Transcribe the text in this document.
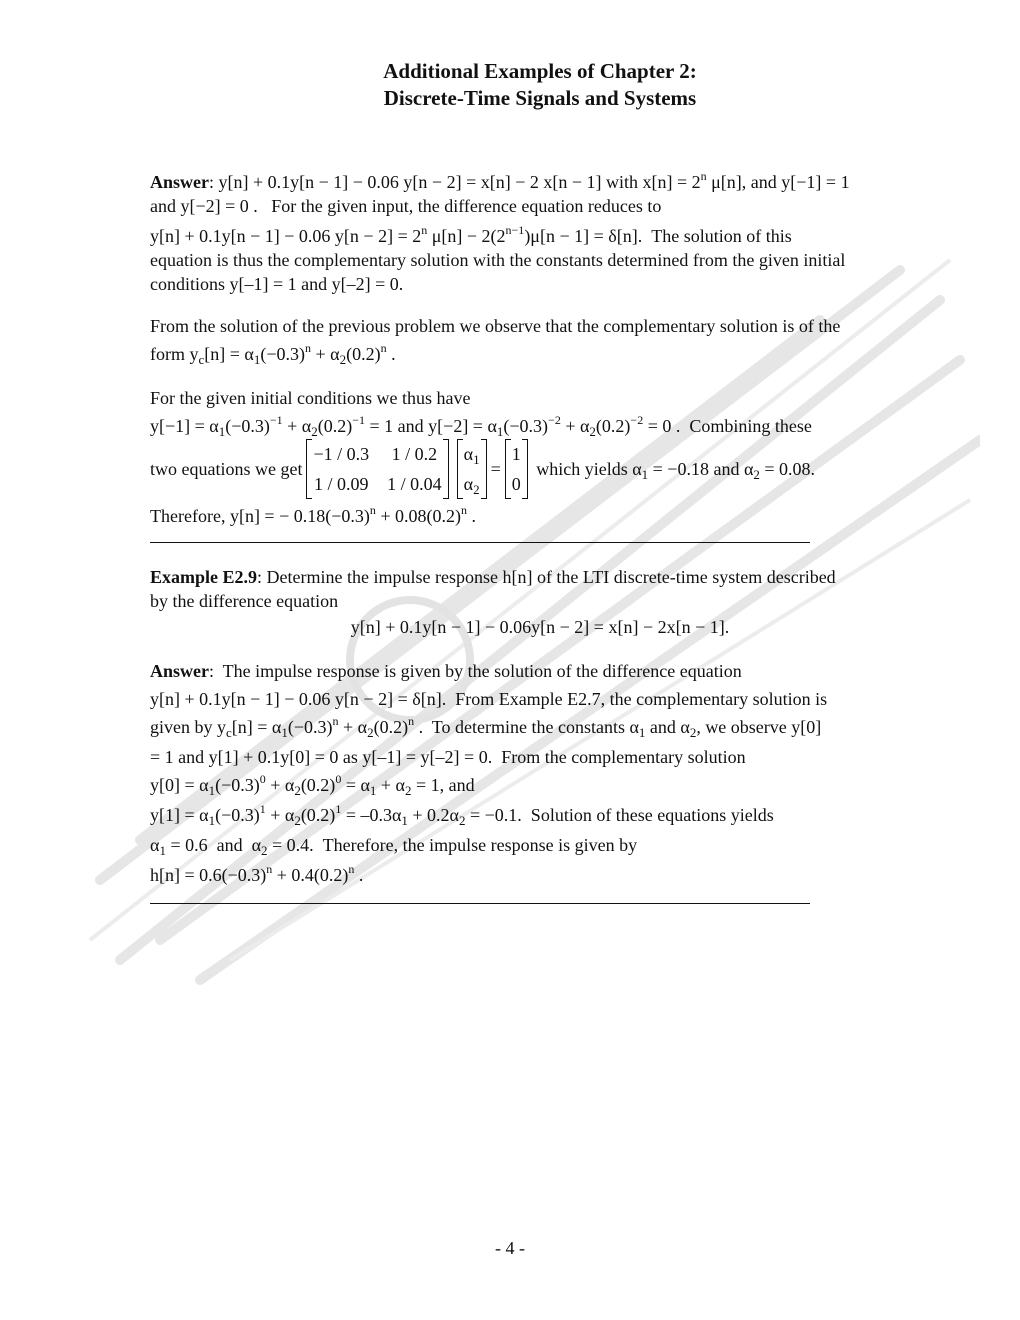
Additional Examples of Chapter 2:
Discrete-Time Signals and Systems
Answer: y[n] + 0.1y[n − 1] − 0.06 y[n − 2] = x[n] − 2 x[n − 1] with $x[n] = 2^n$ μ[n], and y[−1] = 1
and y[−2] = 0 .   For the given input, the difference equation reduces to
y[n] + 0.1y[n − 1] − 0.06 $y[n - 2] = 2^n$ $\mu[n] - 2(2^{n-1})\mu[n - 1] = \delta[n]$.  The solution of this
equation is thus the complementary solution with the constants determined from the given initial
conditions y[–1] = 1 and y[–2] = 0.
From the solution of the previous problem we observe that the complementary solution is of the
form $y_c[n] = \alpha_1(-0.3)^n + \alpha_2(0.2)^n$ .
For the given initial conditions we thus have
$y[-1] = \alpha_1(-0.3)^{-1} + \alpha_2(0.2)^{-1} = 1$ and $y[-2] = \alpha_1(-0.3)^{-2} + \alpha_2(0.2)^{-2} = 0$ .  Combining these
two equations we get
−1 / 0.3 1 / 0.2
1 / 0.09 1 / 0.04
$\alpha_1$
$\alpha_2$
=
1
0
which yields $\alpha_1 = -0.18$ and $\alpha_2 = 0.08$.
Therefore, y[n] = − $0.18(-0.3)^n + 0.08(0.2)^n$ .
Example E2.9: Determine the impulse response h[n] of the LTI discrete-time system described
by the difference equation
y[n] + 0.1y[n − 1] − 0.06y[n − 2] = x[n] − 2x[n − 1].
Answer:  The impulse response is given by the solution of the difference equation
y[n] + 0.1y[n − 1] − 0.06 y[n − 2] = δ[n].  From Example E2.7, the complementary solution is
given by $y_c[n] = \alpha_1(-0.3)^n + \alpha_2(0.2)^n$ .  To determine the constants $\alpha_1$ and $\alpha_2$, we observe y[0]
= 1 and y[1] + 0.1y[0] = 0 as y[–1] = y[–2] = 0.  From the complementary solution
$y[0] = \alpha_1(-0.3)^0 + \alpha_2(0.2)^0 = \alpha_1 + \alpha_2 = 1$, and
$y[1] = \alpha_1(-0.3)^1 + \alpha_2(0.2)^1 = -0.3\alpha_1 + 0.2\alpha_2 = -0.1$.  Solution of these equations yields
$\alpha_1 = 0.6$  and  $\alpha_2 = 0.4$.  Therefore, the impulse response is given by
$h[n] = 0.6(-0.3)^n + 0.4(0.2)^n$ .
- 4 -
